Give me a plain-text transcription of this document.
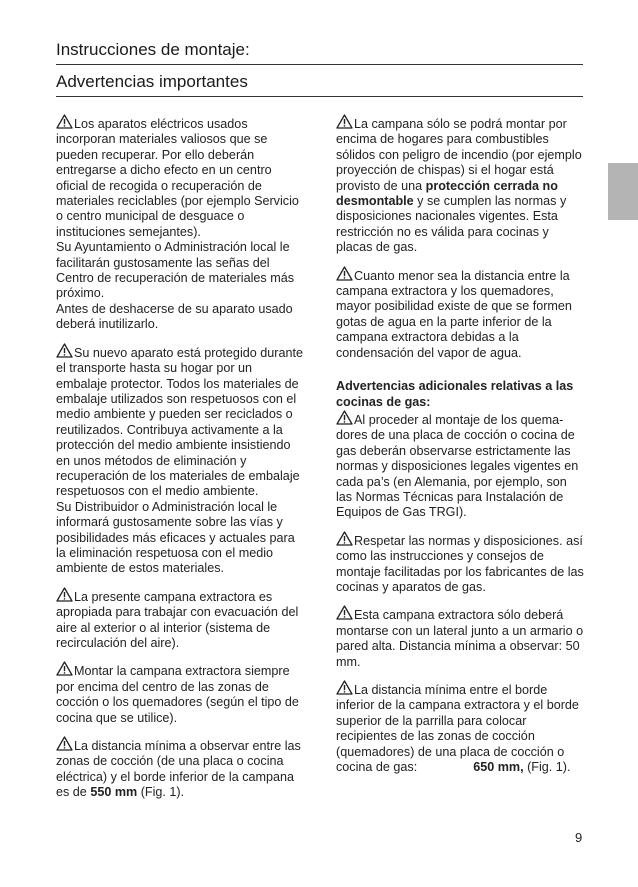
Instrucciones de montaje:
Advertencias importantes

Los aparatos eléctricos usados incorporan materiales valiosos que se pueden recuperar. Por ello deberán entregarse a dicho efecto en un centro oficial de recogida o recuperación de materiales reciclables (por ejemplo Servicio o centro municipal de desguace o instituciones semejantes).

Su Ayuntamiento o Administración local le facilitarán gustosamente las señas del Centro de recuperación de materiales más próximo.

Antes de deshacerse de su aparato usado deberá inutilizarlo.

Su nuevo aparato está protegido durante el transporte hasta su hogar por un embalaje protector. Todos los materiales de embalaje utilizados son respetuosos con el medio ambiente y pueden ser reciclados o reutilizados. Contribuya activamente a la protección del medio ambiente insistiendo en unos métodos de eliminación y recuperación de los materiales de embalaje respetuosos con el medio ambiente.

Su Distribuidor o Administración local le informará gustosamente sobre las vías y posibilidades más eficaces y actuales para la eliminación respetuosa con el medio ambiente de estos materiales.

La presente campana extractora es apropiada para trabajar con evacuación del aire al exterior o al interior (sistema de recirculación del aire).

Montar la campana extractora siempre por encima del centro de las zonas de cocción o los quemadores (según el tipo de cocina que se utilice).

La distancia mínima a observar entre las zonas de cocción (de una placa o cocina eléctrica) y el borde inferior de la campana es de 550 mm (Fig. 1).

La campana sólo se podrá montar por encima de hogares para combustibles sólidos con peligro de incendio (por ejemplo proyección de chispas) si el hogar está provisto de una protección cerrada no desmontable y se cumplen las normas y disposiciones nacionales vigentes. Esta restricción no es válida para cocinas y placas de gas.

Cuanto menor sea la distancia entre la campana extractora y los quemadores, mayor posibilidad existe de que se formen gotas de agua en la parte inferior de la campana extractora debidas a la condensación del vapor de agua.

Advertencias adicionales relativas a las cocinas de gas:

Al proceder al montaje de los quema-dores de una placa de cocción o cocina de gas deberán observarse estrictamente las normas y disposiciones legales vigentes en cada pa’s (en Alemania, por ejemplo, son las Normas Técnicas para Instalación de Equipos de Gas TRGI).

Respetar las normas y disposiciones. así como las instrucciones y consejos de montaje facilitadas por los fabricantes de las cocinas y aparatos de gas.

Esta campana extractora sólo deberá montarse con un lateral junto a un armario o pared alta. Distancia mínima a observar: 50 mm.

La distancia mínima entre el borde inferior de la campana extractora y el borde superior de la parrilla para colocar recipientes de las zonas de cocción (quemadores) de una placa de cocción o cocina de gas:	650 mm, (Fig. 1).

9
